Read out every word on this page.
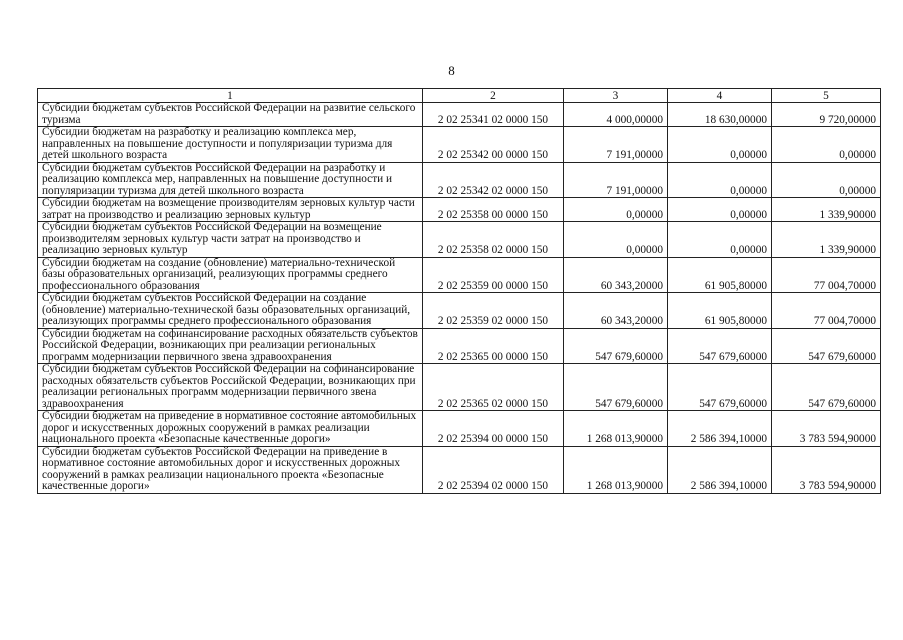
8
1	2	3	4	5
Субсидии бюджетам субъектов Российской Федерации на развитие сельского туризма	2 02 25341 02 0000 150	4 000,00000	18 630,00000	9 720,00000
Субсидии бюджетам на разработку и реализацию комплекса мер, направленных на повышение доступности и популяризации туризма для детей школьного возраста	2 02 25342 00 0000 150	7 191,00000	0,00000	0,00000
Субсидии бюджетам субъектов Российской Федерации на разработку и реализацию комплекса мер, направленных на повышение доступности и популяризации туризма для детей школьного возраста	2 02 25342 02 0000 150	7 191,00000	0,00000	0,00000
Субсидии бюджетам на возмещение производителям зерновых культур части затрат на производство и реализацию зерновых культур	2 02 25358 00 0000 150	0,00000	0,00000	1 339,90000
Субсидии бюджетам субъектов Российской Федерации на возмещение производителям зерновых культур части затрат на производство и реализацию зерновых культур	2 02 25358 02 0000 150	0,00000	0,00000	1 339,90000
Субсидии бюджетам на создание (обновление) материально-технической базы образовательных организаций, реализующих программы среднего профессионального образования	2 02 25359 00 0000 150	60 343,20000	61 905,80000	77 004,70000
Субсидии бюджетам субъектов Российской Федерации на создание (обновление) материально-технической базы образовательных организаций, реализующих программы среднего профессионального образования	2 02 25359 02 0000 150	60 343,20000	61 905,80000	77 004,70000
Субсидии бюджетам на софинансирование расходных обязательств субъектов Российской Федерации, возникающих при реализации региональных программ модернизации первичного звена здравоохранения	2 02 25365 00 0000 150	547 679,60000	547 679,60000	547 679,60000
Субсидии бюджетам субъектов Российской Федерации на софинансирование расходных обязательств субъектов Российской Федерации, возникающих при реализации региональных программ модернизации первичного звена здравоохранения	2 02 25365 02 0000 150	547 679,60000	547 679,60000	547 679,60000
Субсидии бюджетам на приведение в нормативное состояние автомобильных дорог и искусственных дорожных сооружений в рамках реализации национального проекта «Безопасные качественные дороги»	2 02 25394 00 0000 150	1 268 013,90000	2 586 394,10000	3 783 594,90000
Субсидии бюджетам субъектов Российской Федерации на приведение в нормативное состояние автомобильных дорог и искусственных дорожных сооружений в рамках реализации национального проекта «Безопасные качественные дороги»	2 02 25394 02 0000 150	1 268 013,90000	2 586 394,10000	3 783 594,90000
